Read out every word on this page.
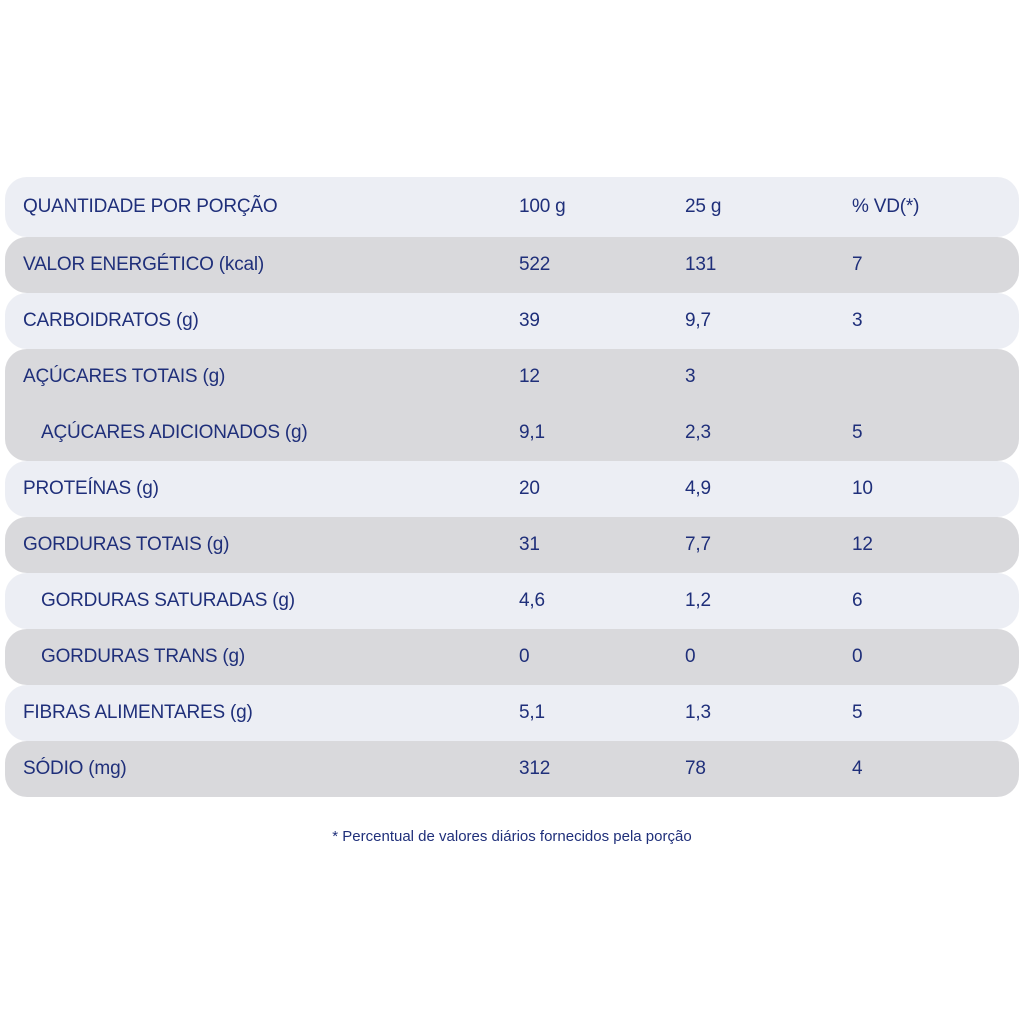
QUANTIDADE POR PORÇÃO	100 g	25 g	% VD(*)
VALOR ENERGÉTICO (kcal)	522	131	7
CARBOIDRATOS (g)	39	9,7	3
AÇÚCARES TOTAIS (g)	12	3
AÇÚCARES ADICIONADOS (g)	9,1	2,3	5
PROTEÍNAS (g)	20	4,9	10
GORDURAS TOTAIS (g)	31	7,7	12
GORDURAS SATURADAS (g)	4,6	1,2	6
GORDURAS TRANS (g)	0	0	0
FIBRAS ALIMENTARES (g)	5,1	1,3	5
SÓDIO (mg)	312	78	4
* Percentual de valores diários fornecidos pela porção
